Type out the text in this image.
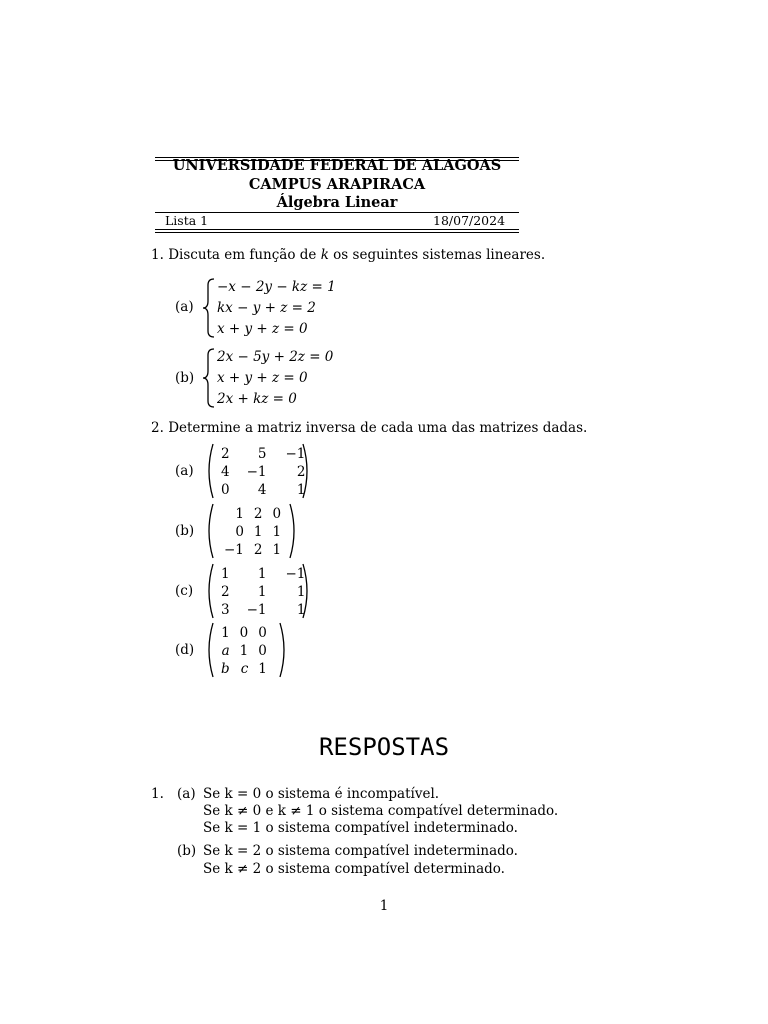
UNIVERSIDADE FEDERAL DE ALAGOAS
CAMPUS ARAPIRACA
Álgebra Linear
Lista 1	18/07/2024
1. Discuta em função de k os seguintes sistemas lineares.
(a)
−x − 2y − kz = 1
kx − y + z = 2
x + y + z = 0
(b)
2x − 5y + 2z = 0
x + y + z = 0
2x + kz = 0
2. Determine a matriz inversa de cada uma das matrizes dadas.
(a)
2	5	−1
4	−1	2
0	4	1
(b)
1	2	0
0	1	1
−1	2	1
(c)
1	1	−1
2	1	1
3	−1	1
(d)
1	0	0
a	1	0
b	c	1
RESPOSTAS
1. (a) Se k = 0 o sistema é incompatível.
Se k ≠ 0 e k ≠ 1 o sistema compatível determinado.
Se k = 1 o sistema compatível indeterminado.
(b) Se k = 2 o sistema compatível indeterminado.
Se k ≠ 2 o sistema compatível determinado.
1
